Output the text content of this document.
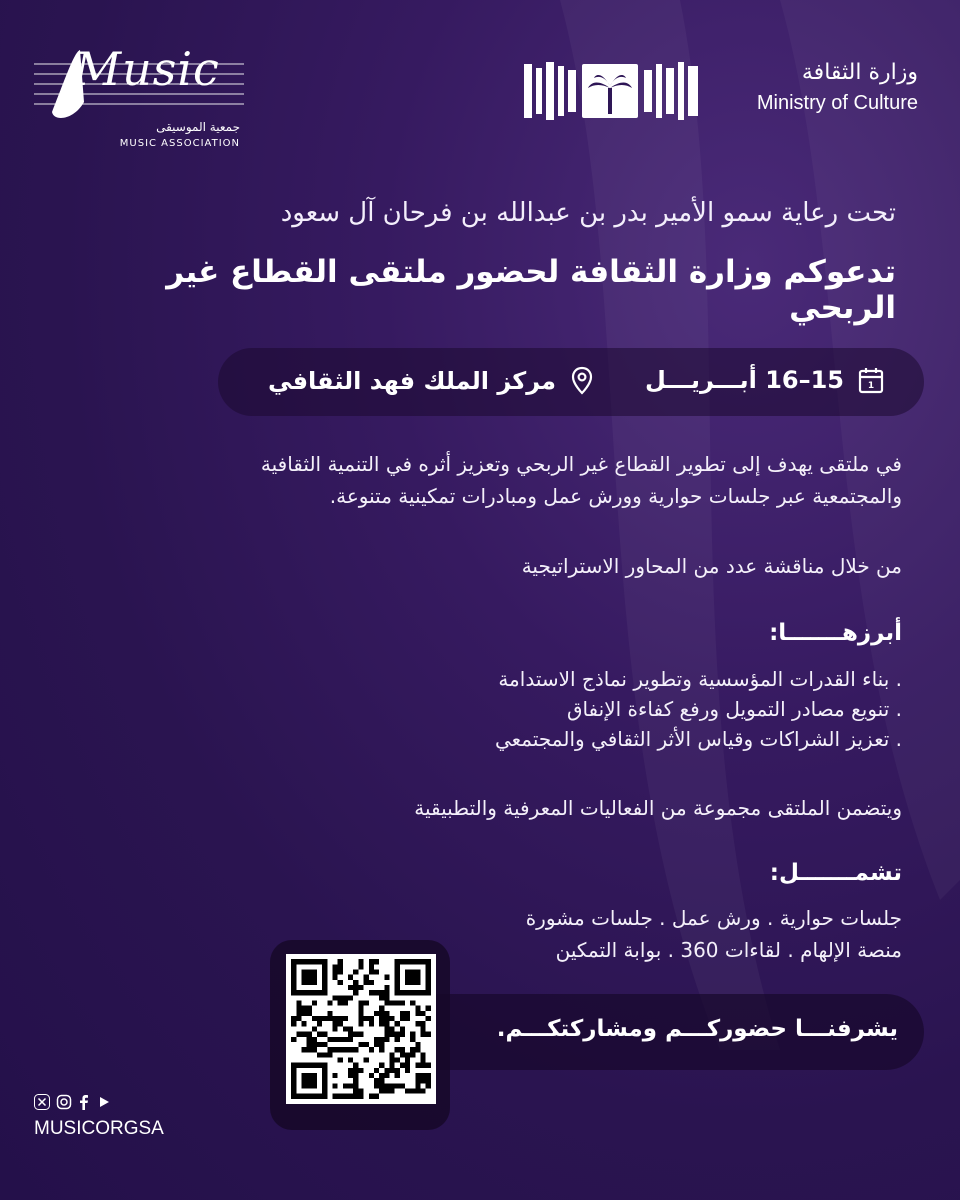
Music
جمعية الموسيقى
MUSIC ASSOCIATION
وزارة الثقافة
Ministry of Culture
تحت رعاية سمو الأمير بدر بن عبدالله بن فرحان آل سعود
تدعوكم وزارة الثقافة لحضور ملتقى القطاع غير الربحي
1
15–16 أبـــريـــل
مركز الملك فهد الثقافي
في ملتقى يهدف إلى تطوير القطاع غير الربحي وتعزيز أثره في التنمية الثقافية والمجتمعية عبر جلسات حوارية وورش عمل ومبادرات تمكينية متنوعة.
من خلال مناقشة عدد من المحاور الاستراتيجية
أبرزهـــــــا:
. بناء القدرات المؤسسية وتطوير نماذج الاستدامة
. تنويع مصادر التمويل ورفع كفاءة الإنفاق
. تعزيز الشراكات وقياس الأثر الثقافي والمجتمعي
ويتضمن الملتقى مجموعة من الفعاليات المعرفية والتطبيقية
تشمـــــــل:
جلسات حوارية . ورش عمل . جلسات مشورة
منصة الإلهام . لقاءات 360 . بوابة التمكين
يشرفنـــا حضوركـــم ومشاركتكـــم.
MUSICORGSA
